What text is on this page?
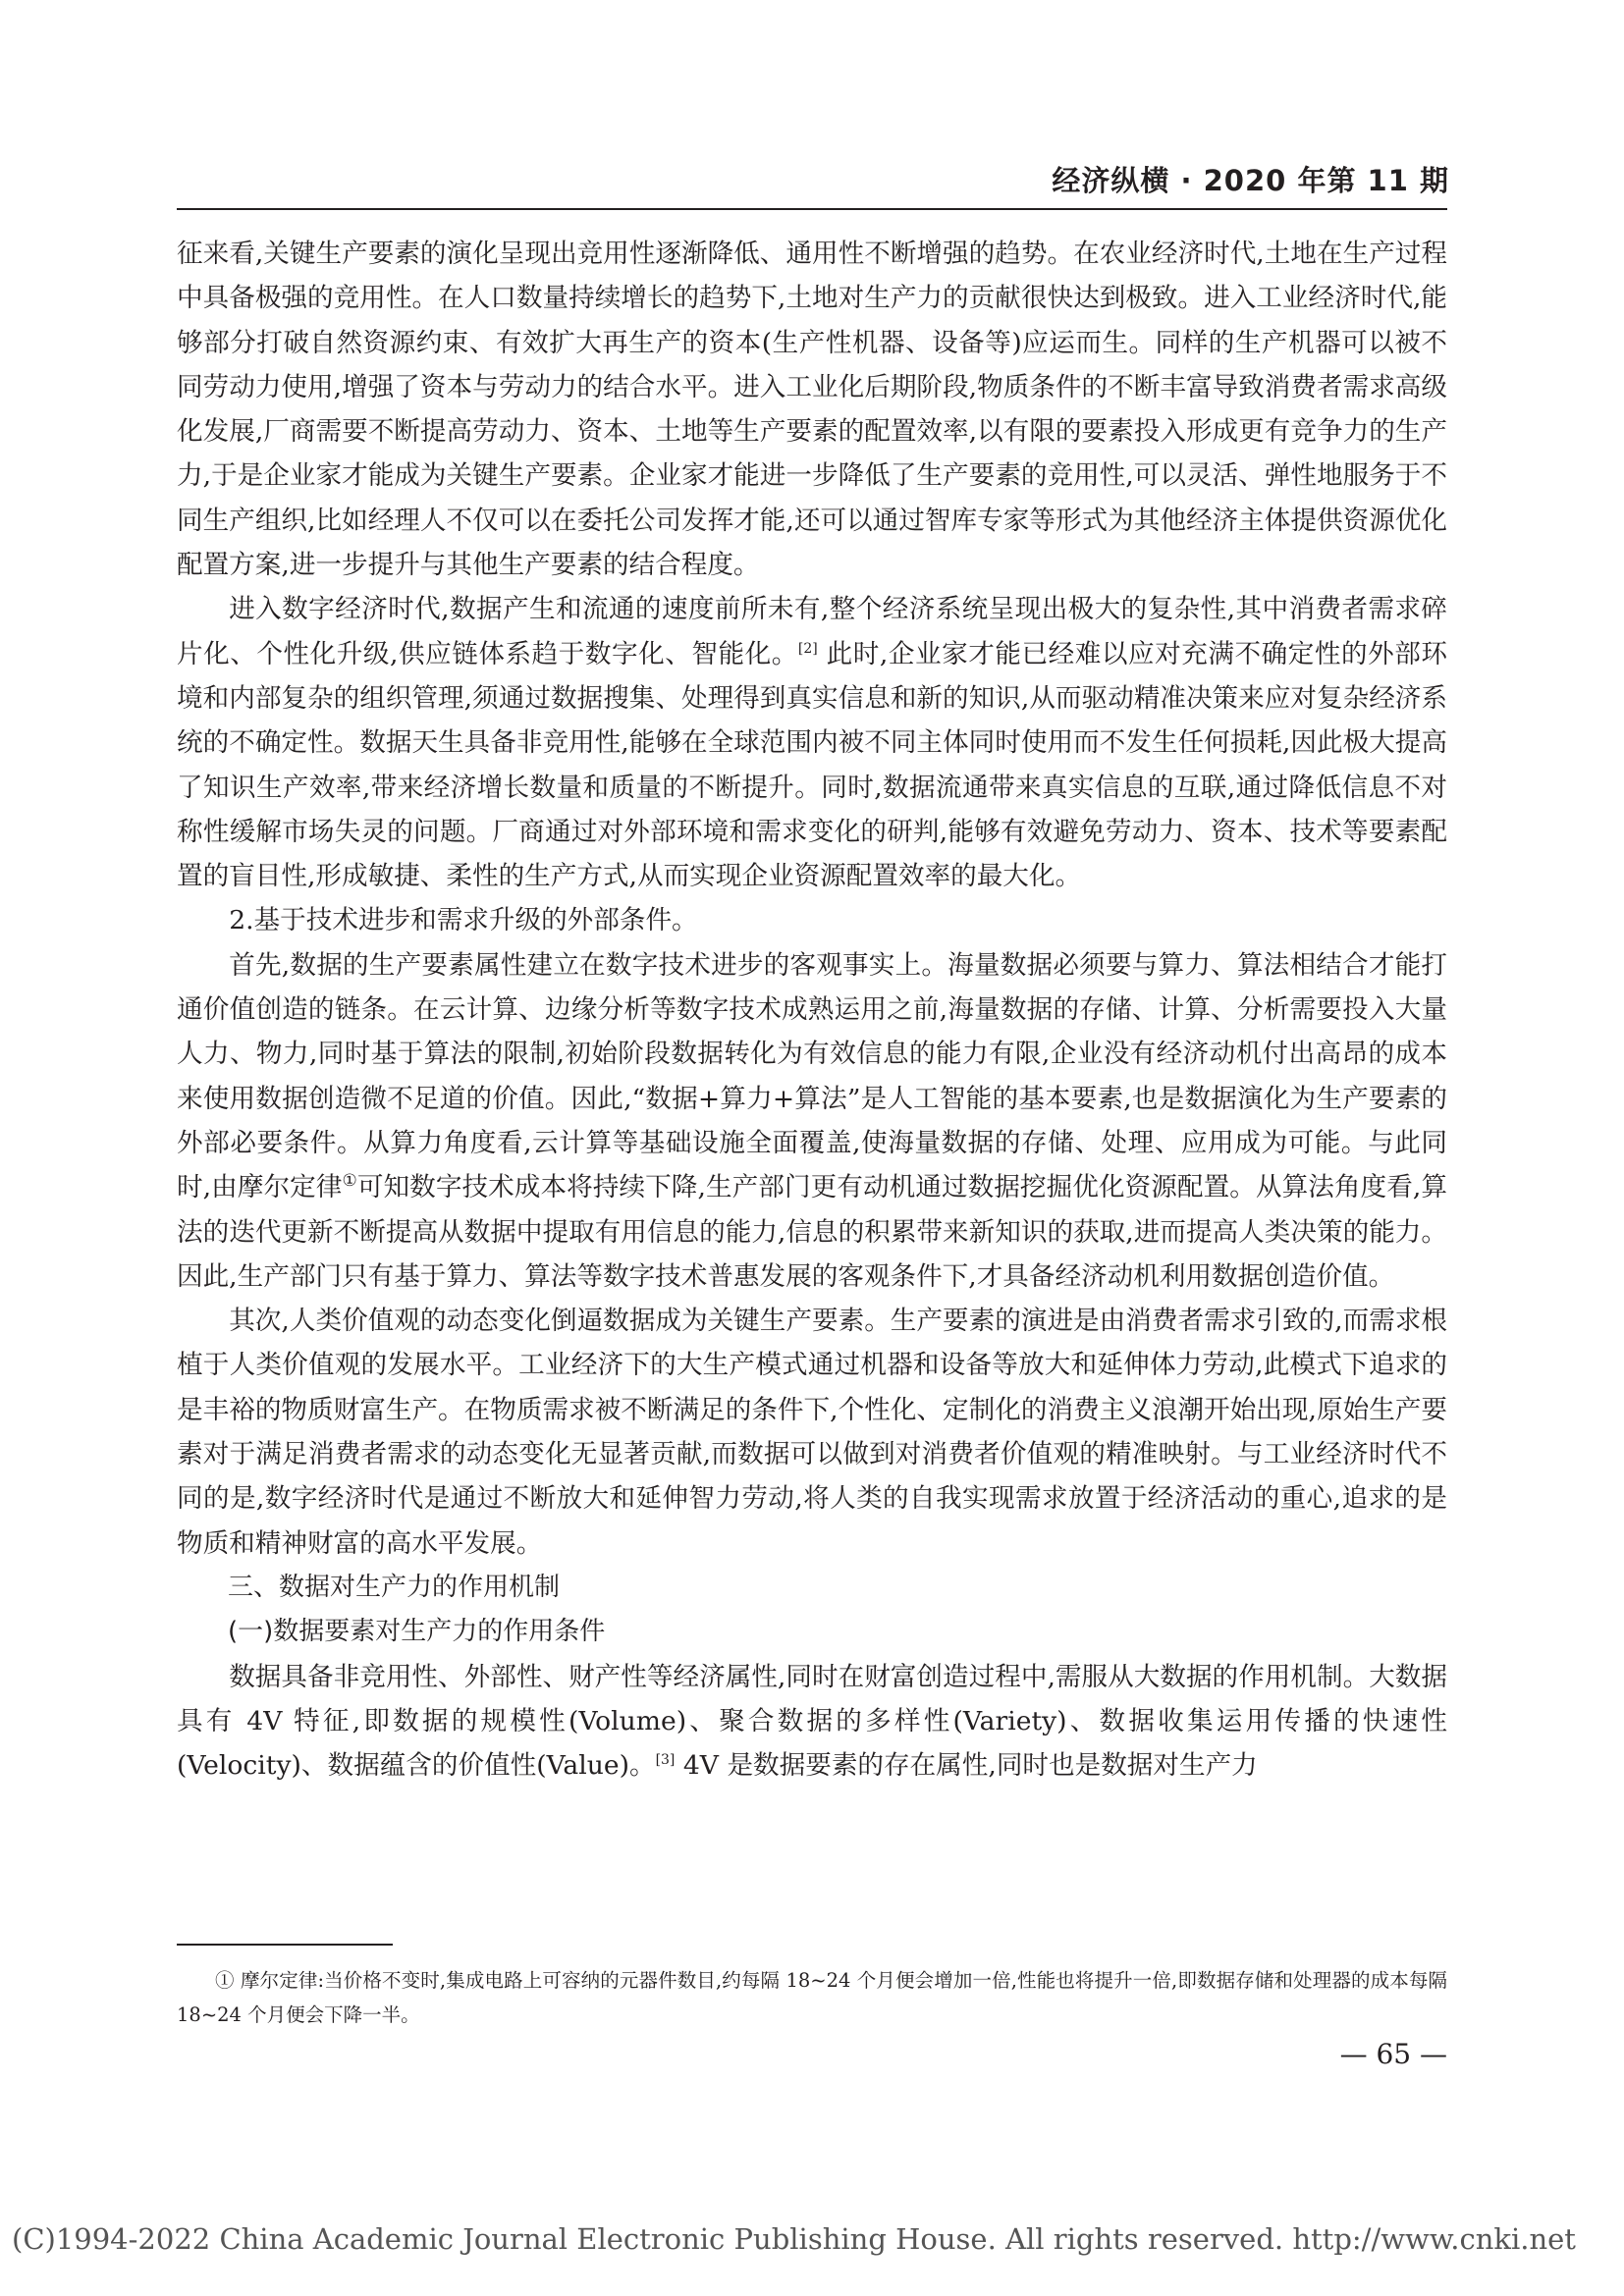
经济纵横 · 2020 年第 11 期

征来看,关键生产要素的演化呈现出竞用性逐渐降低、通用性不断增强的趋势。在农业经济时代,土地在生产过程中具备极强的竞用性。在人口数量持续增长的趋势下,土地对生产力的贡献很快达到极致。进入工业经济时代,能够部分打破自然资源约束、有效扩大再生产的资本(生产性机器、设备等)应运而生。同样的生产机器可以被不同劳动力使用,增强了资本与劳动力的结合水平。进入工业化后期阶段,物质条件的不断丰富导致消费者需求高级化发展,厂商需要不断提高劳动力、资本、土地等生产要素的配置效率,以有限的要素投入形成更有竞争力的生产力,于是企业家才能成为关键生产要素。企业家才能进一步降低了生产要素的竞用性,可以灵活、弹性地服务于不同生产组织,比如经理人不仅可以在委托公司发挥才能,还可以通过智库专家等形式为其他经济主体提供资源优化配置方案,进一步提升与其他生产要素的结合程度。

进入数字经济时代,数据产生和流通的速度前所未有,整个经济系统呈现出极大的复杂性,其中消费者需求碎片化、个性化升级,供应链体系趋于数字化、智能化。[2] 此时,企业家才能已经难以应对充满不确定性的外部环境和内部复杂的组织管理,须通过数据搜集、处理得到真实信息和新的知识,从而驱动精准决策来应对复杂经济系统的不确定性。数据天生具备非竞用性,能够在全球范围内被不同主体同时使用而不发生任何损耗,因此极大提高了知识生产效率,带来经济增长数量和质量的不断提升。同时,数据流通带来真实信息的互联,通过降低信息不对称性缓解市场失灵的问题。厂商通过对外部环境和需求变化的研判,能够有效避免劳动力、资本、技术等要素配置的盲目性,形成敏捷、柔性的生产方式,从而实现企业资源配置效率的最大化。

2.基于技术进步和需求升级的外部条件。

首先,数据的生产要素属性建立在数字技术进步的客观事实上。海量数据必须要与算力、算法相结合才能打通价值创造的链条。在云计算、边缘分析等数字技术成熟运用之前,海量数据的存储、计算、分析需要投入大量人力、物力,同时基于算法的限制,初始阶段数据转化为有效信息的能力有限,企业没有经济动机付出高昂的成本来使用数据创造微不足道的价值。因此,“数据+算力+算法”是人工智能的基本要素,也是数据演化为生产要素的外部必要条件。从算力角度看,云计算等基础设施全面覆盖,使海量数据的存储、处理、应用成为可能。与此同时,由摩尔定律①可知数字技术成本将持续下降,生产部门更有动机通过数据挖掘优化资源配置。从算法角度看,算法的迭代更新不断提高从数据中提取有用信息的能力,信息的积累带来新知识的获取,进而提高人类决策的能力。因此,生产部门只有基于算力、算法等数字技术普惠发展的客观条件下,才具备经济动机利用数据创造价值。

其次,人类价值观的动态变化倒逼数据成为关键生产要素。生产要素的演进是由消费者需求引致的,而需求根植于人类价值观的发展水平。工业经济下的大生产模式通过机器和设备等放大和延伸体力劳动,此模式下追求的是丰裕的物质财富生产。在物质需求被不断满足的条件下,个性化、定制化的消费主义浪潮开始出现,原始生产要素对于满足消费者需求的动态变化无显著贡献,而数据可以做到对消费者价值观的精准映射。与工业经济时代不同的是,数字经济时代是通过不断放大和延伸智力劳动,将人类的自我实现需求放置于经济活动的重心,追求的是物质和精神财富的高水平发展。

三、数据对生产力的作用机制

(一)数据要素对生产力的作用条件

数据具备非竞用性、外部性、财产性等经济属性,同时在财富创造过程中,需服从大数据的作用机制。大数据具有 4V 特征,即数据的规模性(Volume)、聚合数据的多样性(Variety)、数据收集运用传播的快速性(Velocity)、数据蕴含的价值性(Value)。[3] 4V 是数据要素的存在属性,同时也是数据对生产力

① 摩尔定律:当价格不变时,集成电路上可容纳的元器件数目,约每隔 18~24 个月便会增加一倍,性能也将提升一倍,即数据存储和处理器的成本每隔 18~24 个月便会下降一半。
— 65 —
(C)1994-2022 China Academic Journal Electronic Publishing House. All rights reserved. http://www.cnki.net
